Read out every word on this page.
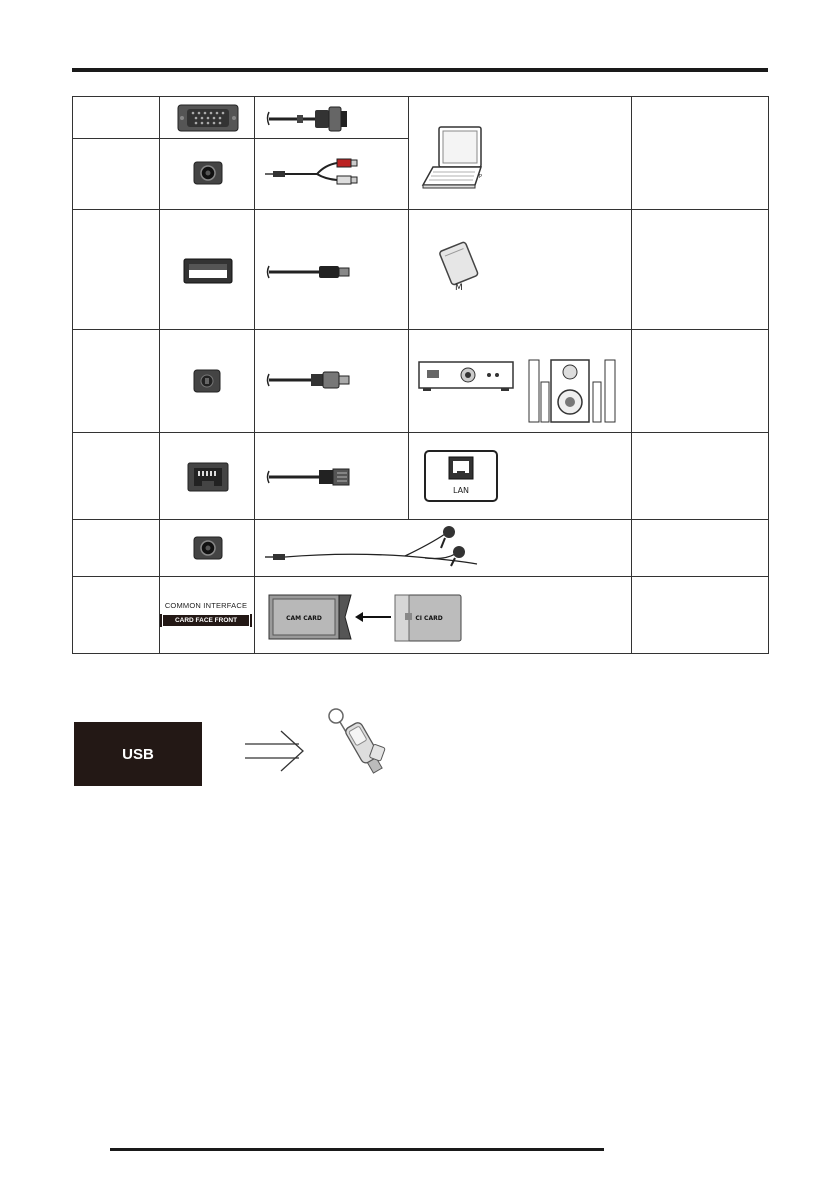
P
M
LAN
CAM CARD	CI CARD
COMMON INTERFACE
CARD FACE FRONT
USB
